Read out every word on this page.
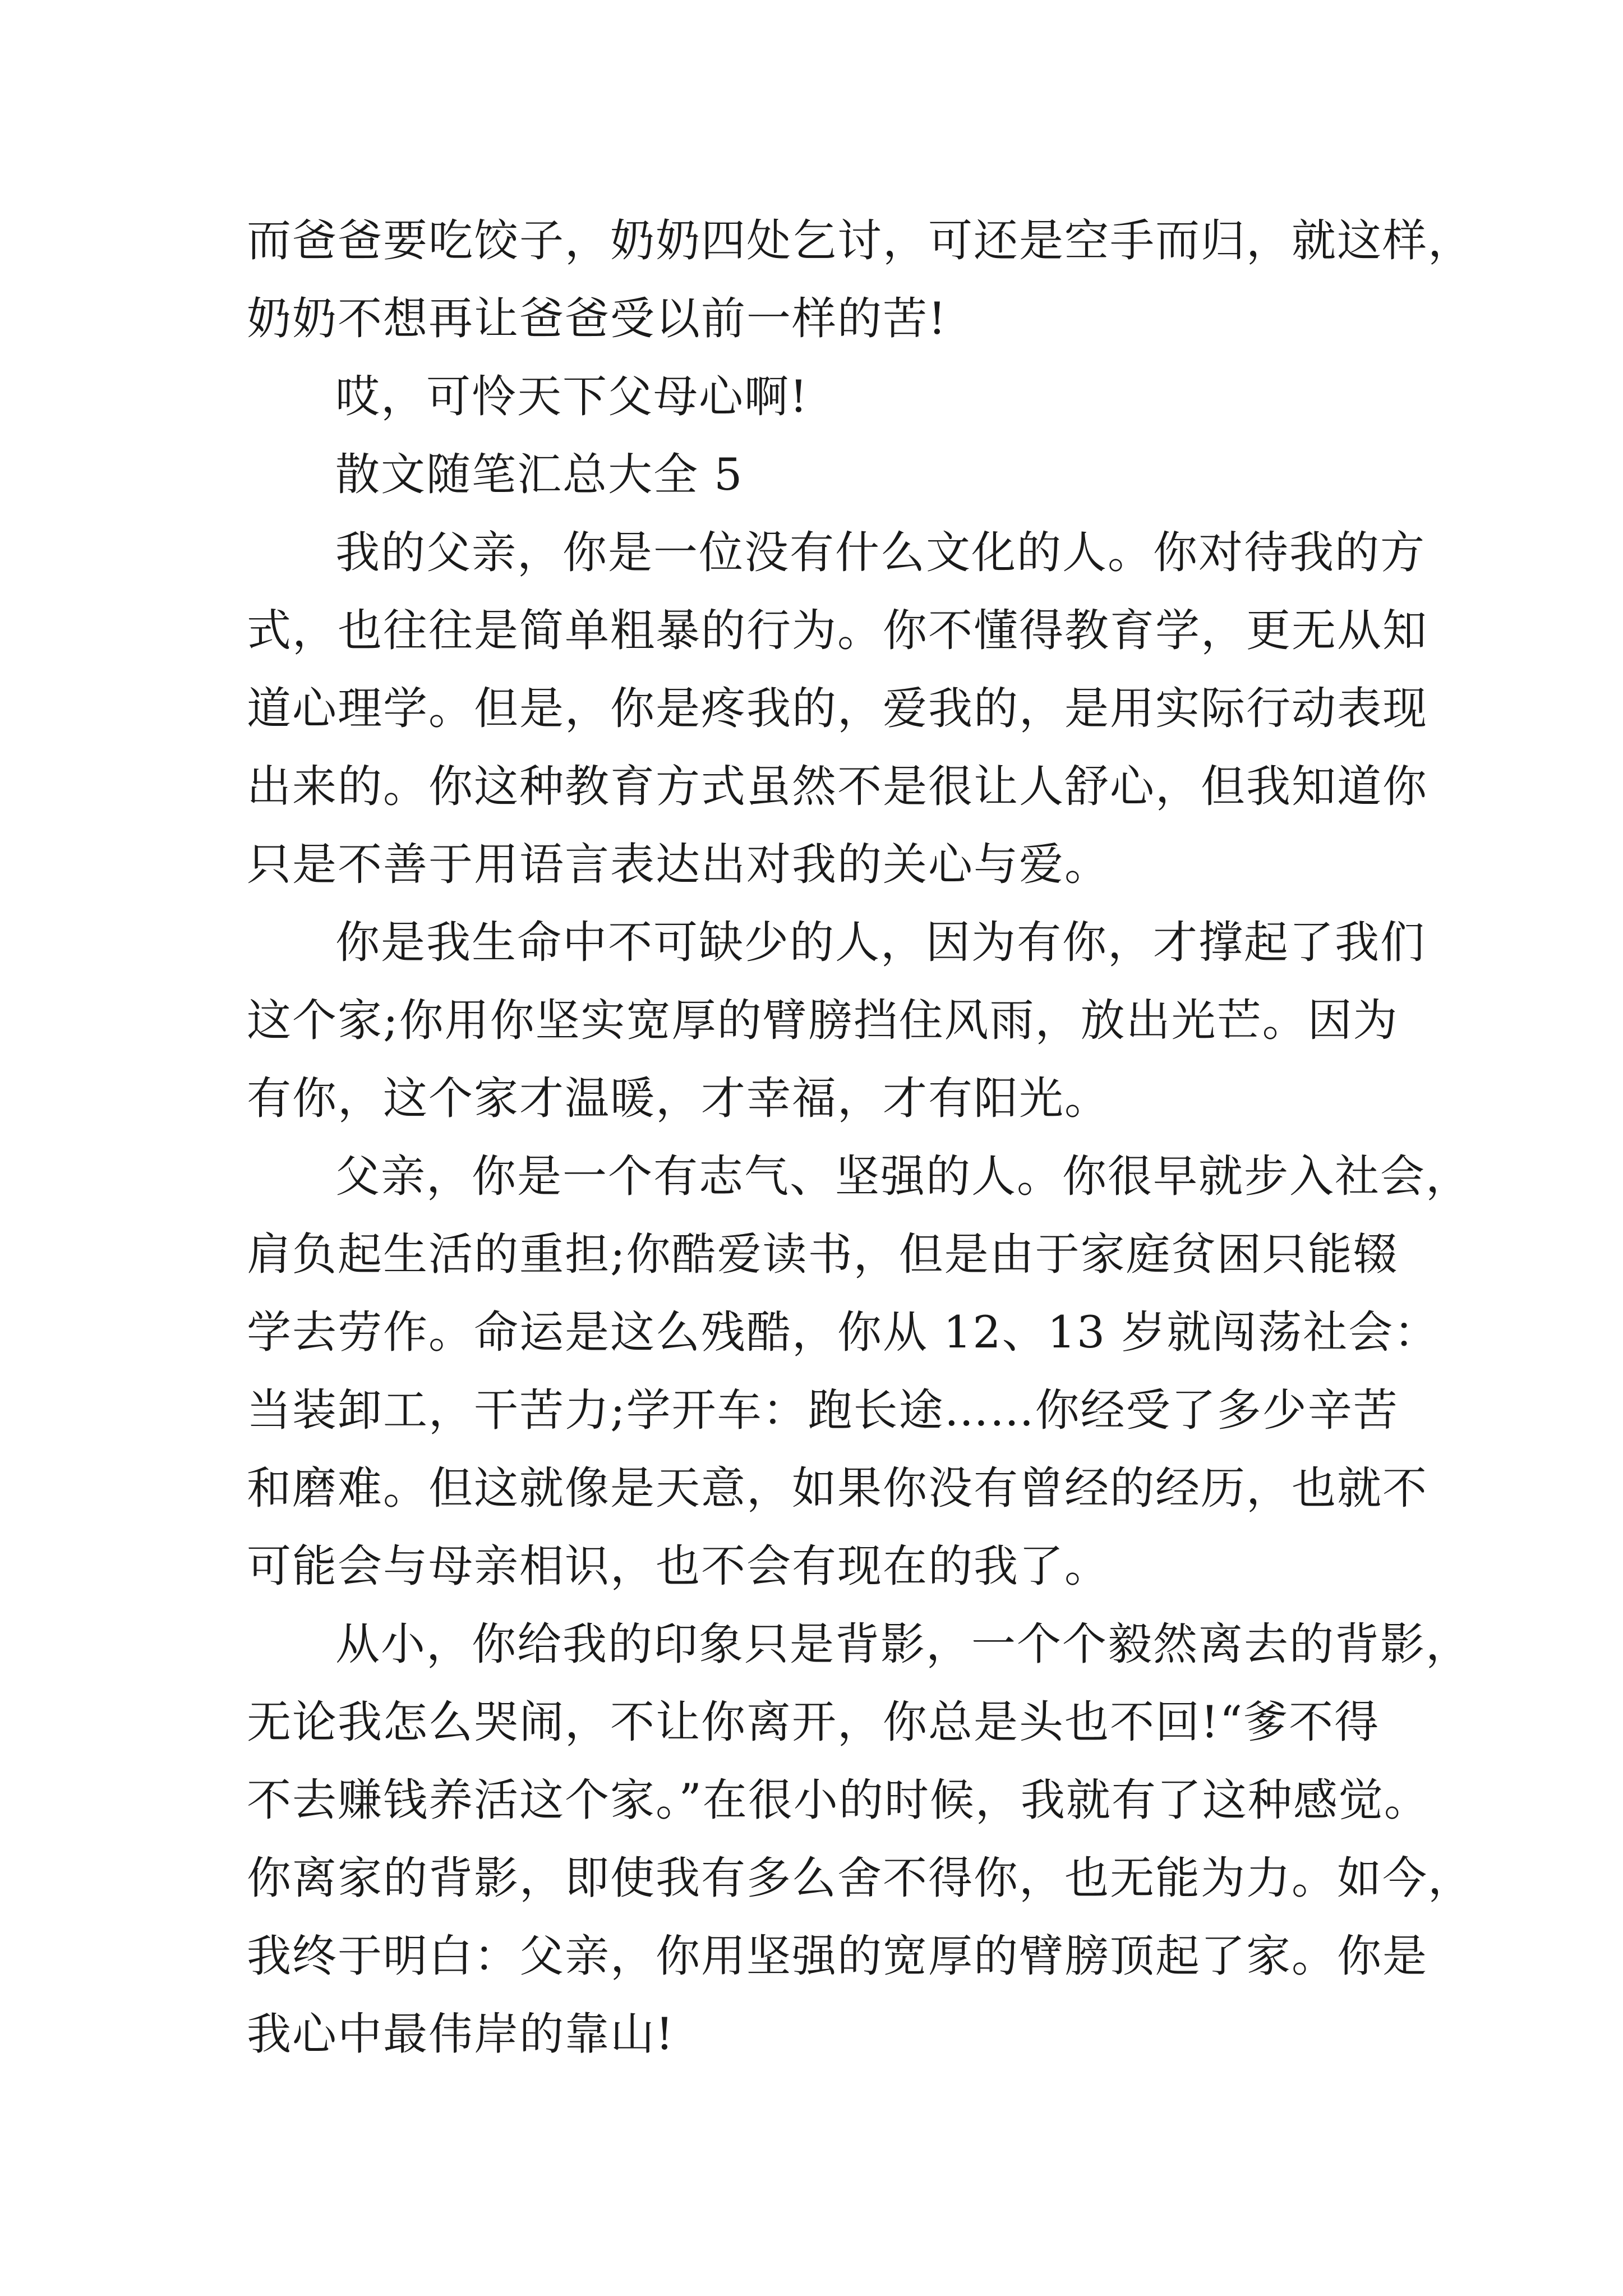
而爸爸要吃饺子，奶奶四处乞讨，可还是空手而归，就这样，
奶奶不想再让爸爸受以前一样的苦!
哎，可怜天下父母心啊!
散文随笔汇总大全 5
我的父亲，你是一位没有什么文化的人。你对待我的方
式，也往往是简单粗暴的行为。你不懂得教育学，更无从知
道心理学。但是，你是疼我的，爱我的，是用实际行动表现
出来的。你这种教育方式虽然不是很让人舒心，但我知道你
只是不善于用语言表达出对我的关心与爱。
你是我生命中不可缺少的人，因为有你，才撑起了我们
这个家;你用你坚实宽厚的臂膀挡住风雨，放出光芒。因为
有你，这个家才温暖，才幸福，才有阳光。
父亲，你是一个有志气、坚强的人。你很早就步入社会，
肩负起生活的重担;你酷爱读书，但是由于家庭贫困只能辍
学去劳作。命运是这么残酷，你从 12、13 岁就闯荡社会：
当装卸工，干苦力;学开车：跑长途……你经受了多少辛苦
和磨难。但这就像是天意，如果你没有曾经的经历，也就不
可能会与母亲相识，也不会有现在的我了。
从小，你给我的印象只是背影，一个个毅然离去的背影，
无论我怎么哭闹，不让你离开，你总是头也不回!“爹不得
不去赚钱养活这个家。”在很小的时候，我就有了这种感觉。
你离家的背影，即使我有多么舍不得你，也无能为力。如今，
我终于明白：父亲，你用坚强的宽厚的臂膀顶起了家。你是
我心中最伟岸的靠山!
